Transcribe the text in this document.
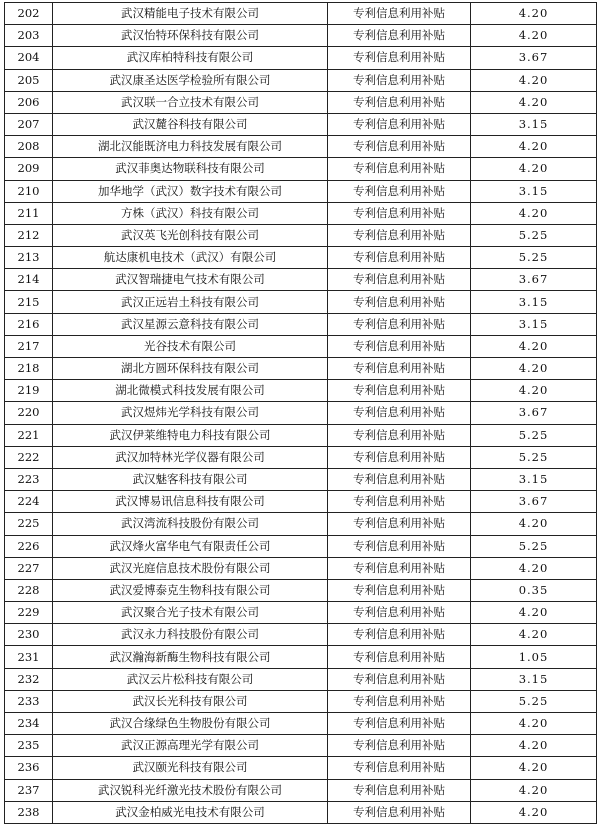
202	武汉精能电子技术有限公司	专利信息利用补贴	4.20
203	武汉怡特环保科技有限公司	专利信息利用补贴	4.20
204	武汉库柏特科技有限公司	专利信息利用补贴	3.67
205	武汉康圣达医学检验所有限公司	专利信息利用补贴	4.20
206	武汉联一合立技术有限公司	专利信息利用补贴	4.20
207	武汉麓谷科技有限公司	专利信息利用补贴	3.15
208	湖北汉能既济电力科技发展有限公司	专利信息利用补贴	4.20
209	武汉菲奥达物联科技有限公司	专利信息利用补贴	4.20
210	加华地学（武汉）数字技术有限公司	专利信息利用补贴	3.15
211	方株（武汉）科技有限公司	专利信息利用补贴	4.20
212	武汉英飞光创科技有限公司	专利信息利用补贴	5.25
213	航达康机电技术（武汉）有限公司	专利信息利用补贴	5.25
214	武汉智瑞捷电气技术有限公司	专利信息利用补贴	3.67
215	武汉正远岩土科技有限公司	专利信息利用补贴	3.15
216	武汉星源云意科技有限公司	专利信息利用补贴	3.15
217	光谷技术有限公司	专利信息利用补贴	4.20
218	湖北方圆环保科技有限公司	专利信息利用补贴	4.20
219	湖北微模式科技发展有限公司	专利信息利用补贴	4.20
220	武汉煜炜光学科技有限公司	专利信息利用补贴	3.67
221	武汉伊莱维特电力科技有限公司	专利信息利用补贴	5.25
222	武汉加特林光学仪器有限公司	专利信息利用补贴	5.25
223	武汉魅客科技有限公司	专利信息利用补贴	3.15
224	武汉博易讯信息科技有限公司	专利信息利用补贴	3.67
225	武汉湾流科技股份有限公司	专利信息利用补贴	4.20
226	武汉烽火富华电气有限责任公司	专利信息利用补贴	5.25
227	武汉光庭信息技术股份有限公司	专利信息利用补贴	4.20
228	武汉爱博泰克生物科技有限公司	专利信息利用补贴	0.35
229	武汉聚合光子技术有限公司	专利信息利用补贴	4.20
230	武汉永力科技股份有限公司	专利信息利用补贴	4.20
231	武汉瀚海新酶生物科技有限公司	专利信息利用补贴	1.05
232	武汉云片松科技有限公司	专利信息利用补贴	3.15
233	武汉长光科技有限公司	专利信息利用补贴	5.25
234	武汉合缘绿色生物股份有限公司	专利信息利用补贴	4.20
235	武汉正源高理光学有限公司	专利信息利用补贴	4.20
236	武汉颐光科技有限公司	专利信息利用补贴	4.20
237	武汉锐科光纤激光技术股份有限公司	专利信息利用补贴	4.20
238	武汉金柏威光电技术有限公司	专利信息利用补贴	4.20
